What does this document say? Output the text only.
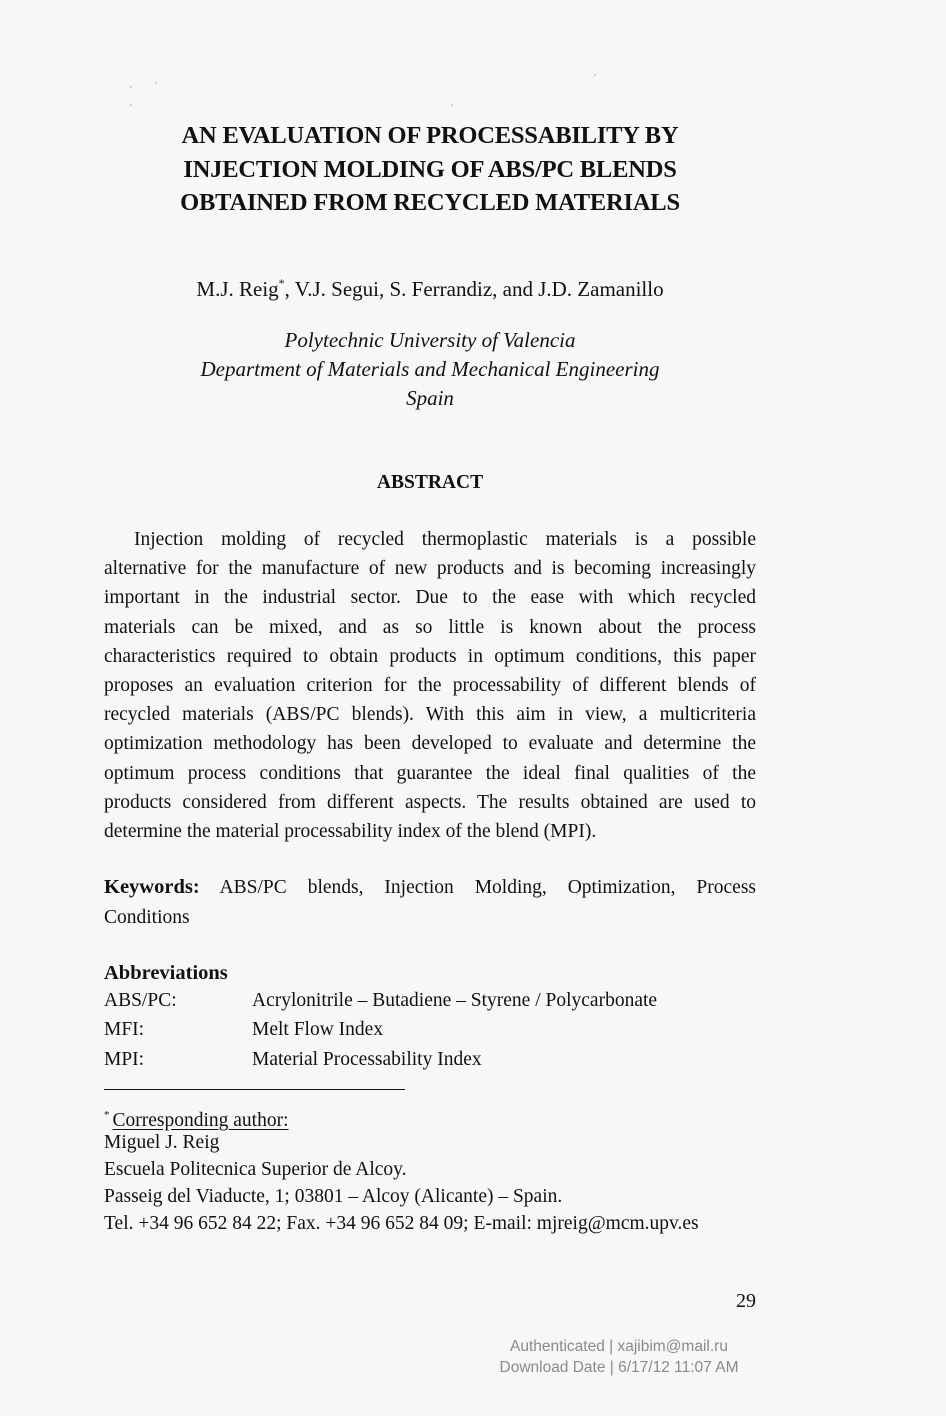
AN EVALUATION OF PROCESSABILITY BY
INJECTION MOLDING OF ABS/PC BLENDS
OBTAINED FROM RECYCLED MATERIALS
M.J. Reig*, V.J. Segui, S. Ferrandiz, and J.D. Zamanillo
Polytechnic University of Valencia
Department of Materials and Mechanical Engineering
Spain
ABSTRACT
Injection molding of recycled thermoplastic materials is a possible
alternative for the manufacture of new products and is becoming increasingly
important in the industrial sector. Due to the ease with which recycled
materials can be mixed, and as so little is known about the process
characteristics required to obtain products in optimum conditions, this paper
proposes an evaluation criterion for the processability of different blends of
recycled materials (ABS/PC blends). With this aim in view, a multicriteria
optimization methodology has been developed to evaluate and determine the
optimum process conditions that guarantee the ideal final qualities of the
products considered from different aspects. The results obtained are used to
determine the material processability index of the blend (MPI).
Keywords: ABS/PC blends, Injection Molding, Optimization, Process
Conditions
Abbreviations
ABS/PC:	Acrylonitrile – Butadiene – Styrene / Polycarbonate
MFI:	Melt Flow Index
MPI:	Material Processability Index
* Corresponding author:
Miguel J. Reig
Escuela Politecnica Superior de Alcoy.
Passeig del Viaducte, 1; 03801 – Alcoy (Alicante) – Spain.
Tel. +34 96 652 84 22; Fax. +34 96 652 84 09; E-mail: mjreig@mcm.upv.es
29
Authenticated | xajibim@mail.ru
Download Date | 6/17/12 11:07 AM
